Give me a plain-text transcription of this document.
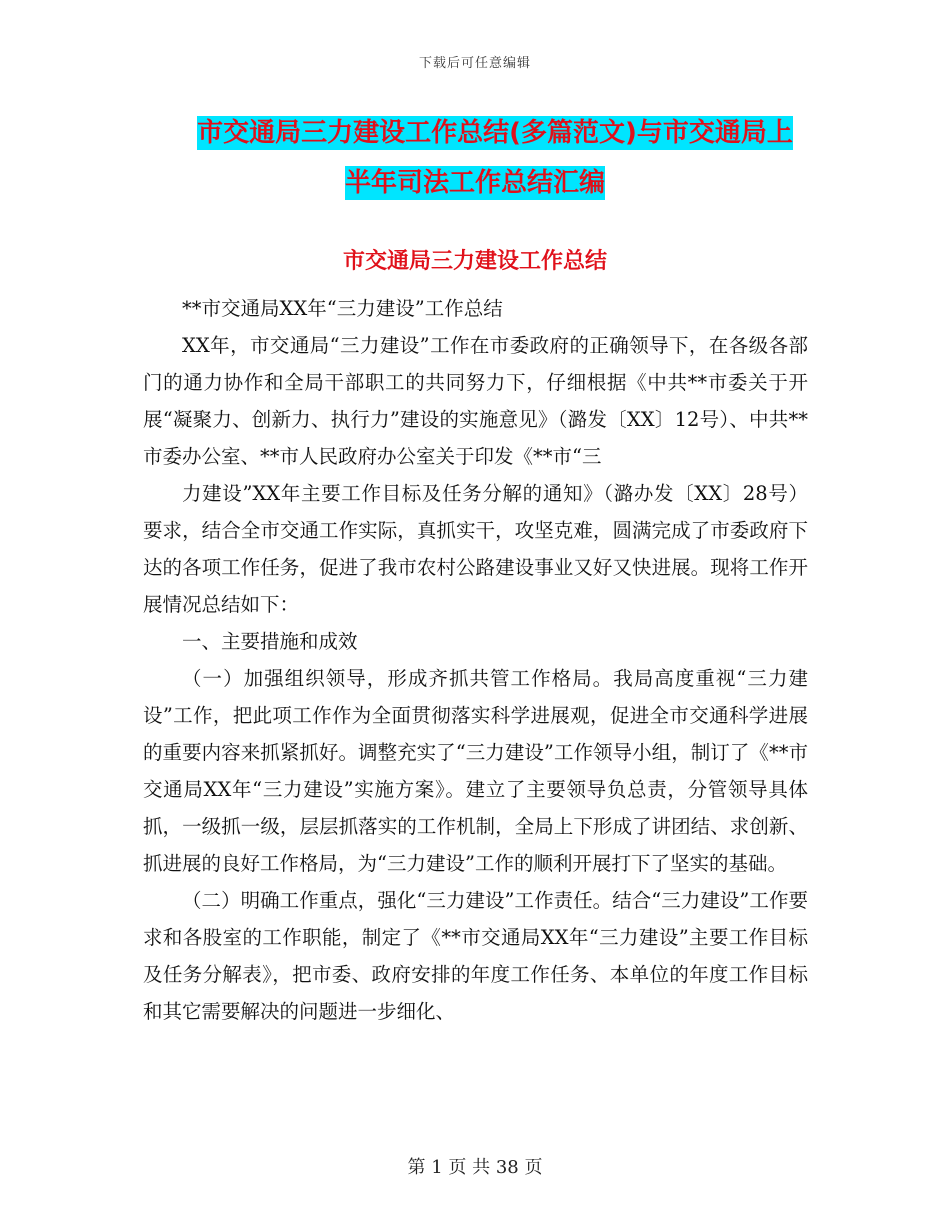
下载后可任意编辑
市交通局三力建设工作总结(多篇范文)与市交通局上
半年司法工作总结汇编
市交通局三力建设工作总结

**市交通局XX年“三力建设”工作总结

XX年，市交通局“三力建设”工作在市委政府的正确领导下，在各级各部门的通力协作和全局干部职工的共同努力下，仔细根据《中共**市委关于开展“凝聚力、创新力、执行力”建设的实施意见》（潞发〔XX〕12号）、中共**市委办公室、**市人民政府办公室关于印发《**市“三

力建设”XX年主要工作目标及任务分解的通知》（潞办发〔XX〕28号）要求，结合全市交通工作实际，真抓实干，攻坚克难，圆满完成了市委政府下达的各项工作任务，促进了我市农村公路建设事业又好又快进展。现将工作开展情况总结如下：

一、主要措施和成效

（一）加强组织领导，形成齐抓共管工作格局。我局高度重视“三力建设”工作，把此项工作作为全面贯彻落实科学进展观，促进全市交通科学进展的重要内容来抓紧抓好。调整充实了“三力建设”工作领导小组，制订了《**市交通局XX年“三力建设”实施方案》。建立了主要领导负总责，分管领导具体抓，一级抓一级，层层抓落实的工作机制，全局上下形成了讲团结、求创新、抓进展的良好工作格局，为“三力建设”工作的顺利开展打下了坚实的基础。

（二）明确工作重点，强化“三力建设”工作责任。结合“三力建设”工作要求和各股室的工作职能，制定了《**市交通局XX年“三力建设”主要工作目标及任务分解表》，把市委、政府安排的年度工作任务、本单位的年度工作目标和其它需要解决的问题进一步细化、

第 1 页 共 38 页
